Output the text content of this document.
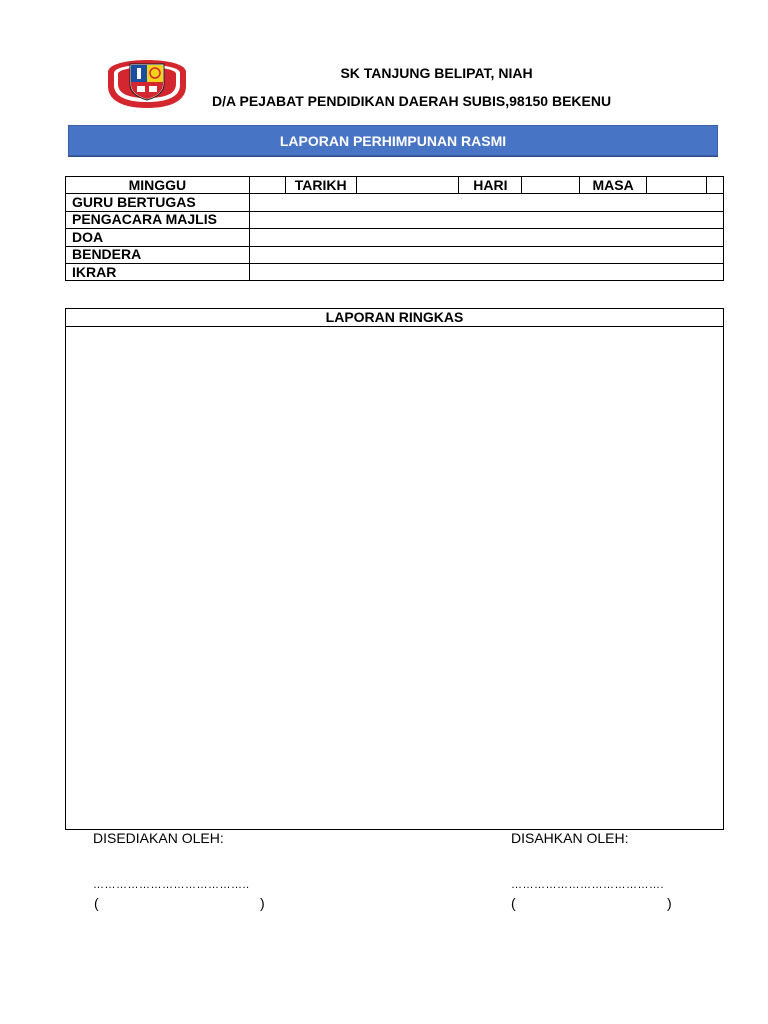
SK TANJUNG BELIPAT, NIAH
D/A PEJABAT PENDIDIKAN DAERAH SUBIS,98150 BEKENU
LAPORAN PERHIMPUNAN RASMI
MINGGU		TARIKH		HARI		MASA		
GURU BERTUGAS								
PENGACARA MAJLIS								
DOA								
BENDERA								
IKRAR								
LAPORAN RINGKAS
DISEDIAKAN OLEH:	DISAHKAN OLEH:
…………………………………..	………………………………….
(	)	(	)
